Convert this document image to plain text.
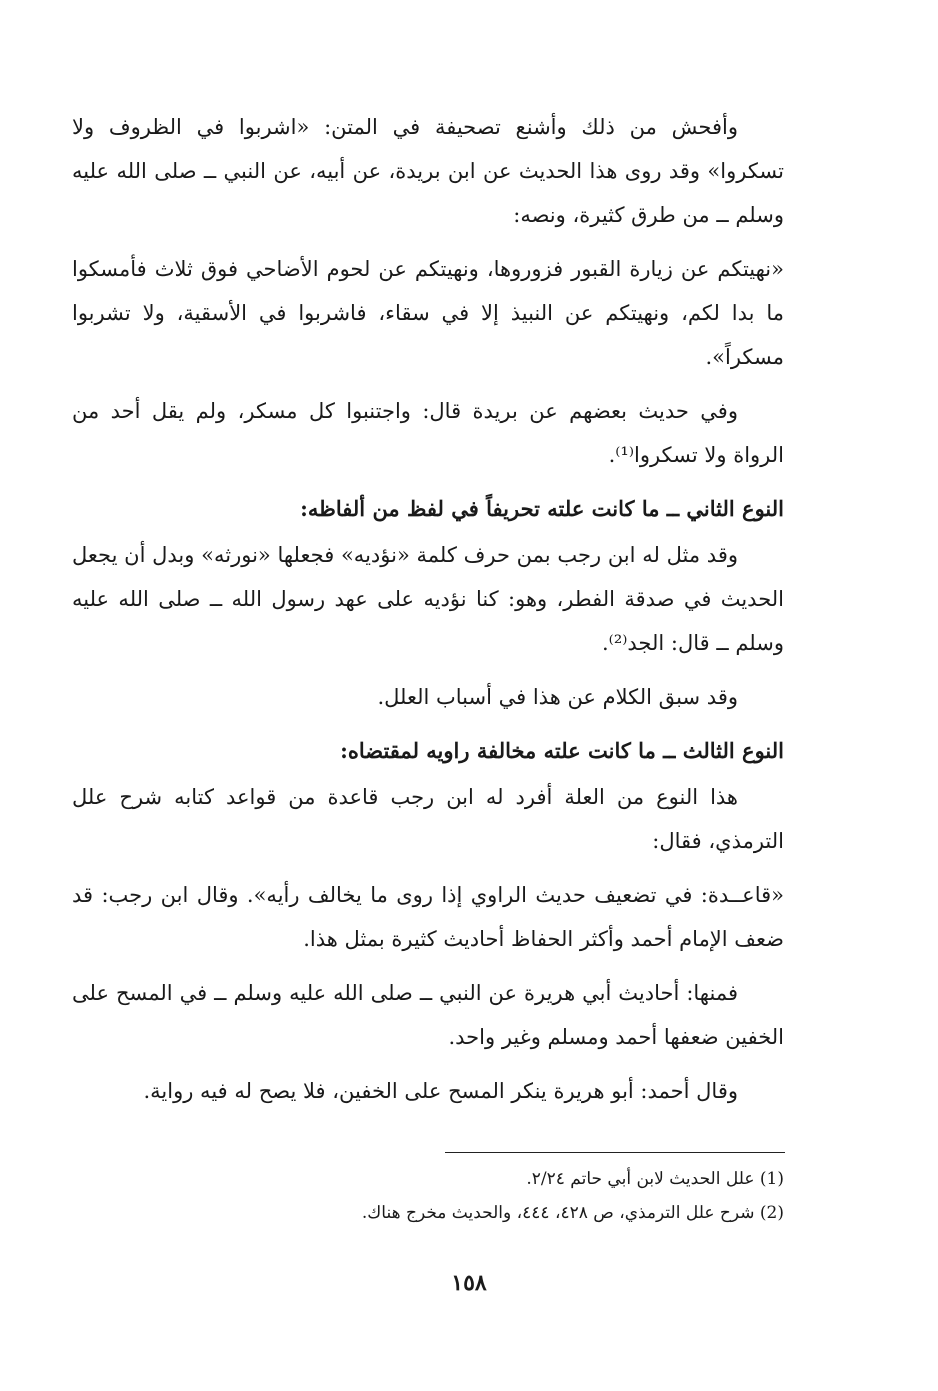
وأفحش من ذلك وأشنع تصحيفة في المتن: «اشربوا في الظروف ولا تسكروا» وقد روى هذا الحديث عن ابن بريدة، عن أبيه، عن النبي ــ صلى الله عليه وسلم ــ من طرق كثيرة، ونصه:

«نهيتكم عن زيارة القبور فزوروها، ونهيتكم عن لحوم الأضاحي فوق ثلاث فأمسكوا ما بدا لكم، ونهيتكم عن النبيذ إلا في سقاء، فاشربوا في الأسقية، ولا تشربوا مسكراً».

وفي حديث بعضهم عن بريدة قال: واجتنبوا كل مسكر، ولم يقل أحد من الرواة ولا تسكروا⁽¹⁾.

النوع الثاني ــ ما كانت علته تحريفاً في لفظ من ألفاظه:

وقد مثل له ابن رجب بمن حرف كلمة «نؤديه» فجعلها «نورثه» وبدل أن يجعل الحديث في صدقة الفطر، وهو: كنا نؤديه على عهد رسول الله ــ صلى الله عليه وسلم ــ قال: الجد⁽²⁾.

وقد سبق الكلام عن هذا في أسباب العلل.

النوع الثالث ــ ما كانت علته مخالفة راويه لمقتضاه:

هذا النوع من العلة أفرد له ابن رجب قاعدة من قواعد كتابه شرح علل الترمذي، فقال:

«قاعــدة: في تضعيف حديث الراوي إذا روى ما يخالف رأيه». وقال ابن رجب: قد ضعف الإمام أحمد وأكثر الحفاظ أحاديث كثيرة بمثل هذا.

فمنها: أحاديث أبي هريرة عن النبي ــ صلى الله عليه وسلم ــ في المسح على الخفين ضعفها أحمد ومسلم وغير واحد.

وقال أحمد: أبو هريرة ينكر المسح على الخفين، فلا يصح له فيه رواية.

(1) علل الحديث لابن أبي حاتم ٢/٢٤.

(2) شرح علل الترمذي، ص ٤٢٨، ٤٤٤، والحديث مخرج هناك.

١٥٨
